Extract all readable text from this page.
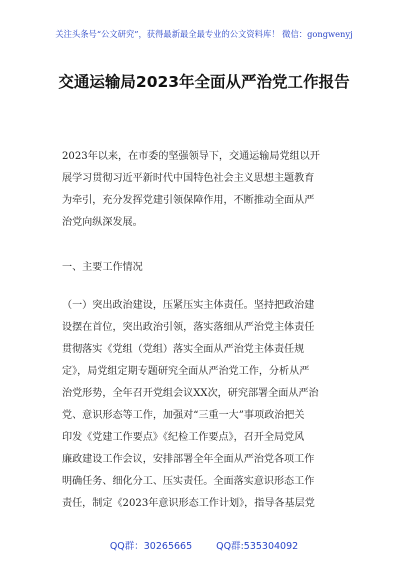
关注头条号“公文研究”，获得最新最全最专业的公文资料库！ 微信：gongwenyj
交通运输局2023年全面从严治党工作报告
2023年以来，在市委的坚强领导下，交通运输局党组以开
展学习贯彻习近平新时代中国特色社会主义思想主题教育
为牵引，充分发挥党建引领保障作用，不断推动全面从严
治党向纵深发展。
一、主要工作情况
（一）突出政治建设，压紧压实主体责任。坚持把政治建
设摆在首位，突出政治引领，落实落细从严治党主体责任
贯彻落实《党组（党组）落实全面从严治党主体责任规
定》，局党组定期专题研究全面从严治党工作，分析从严
治党形势，全年召开党组会议XX次，研究部署全面从严治
党、意识形态等工作，加强对“三重一大”事项政治把关
印发《党建工作要点》《纪检工作要点》，召开全局党风
廉政建设工作会议，安排部署全年全面从严治党各项工作
明确任务、细化分工、压实责任。全面落实意识形态工作
责任，制定《2023年意识形态工作计划》，指导各基层党
QQ群：30265665	QQ群:535304092
